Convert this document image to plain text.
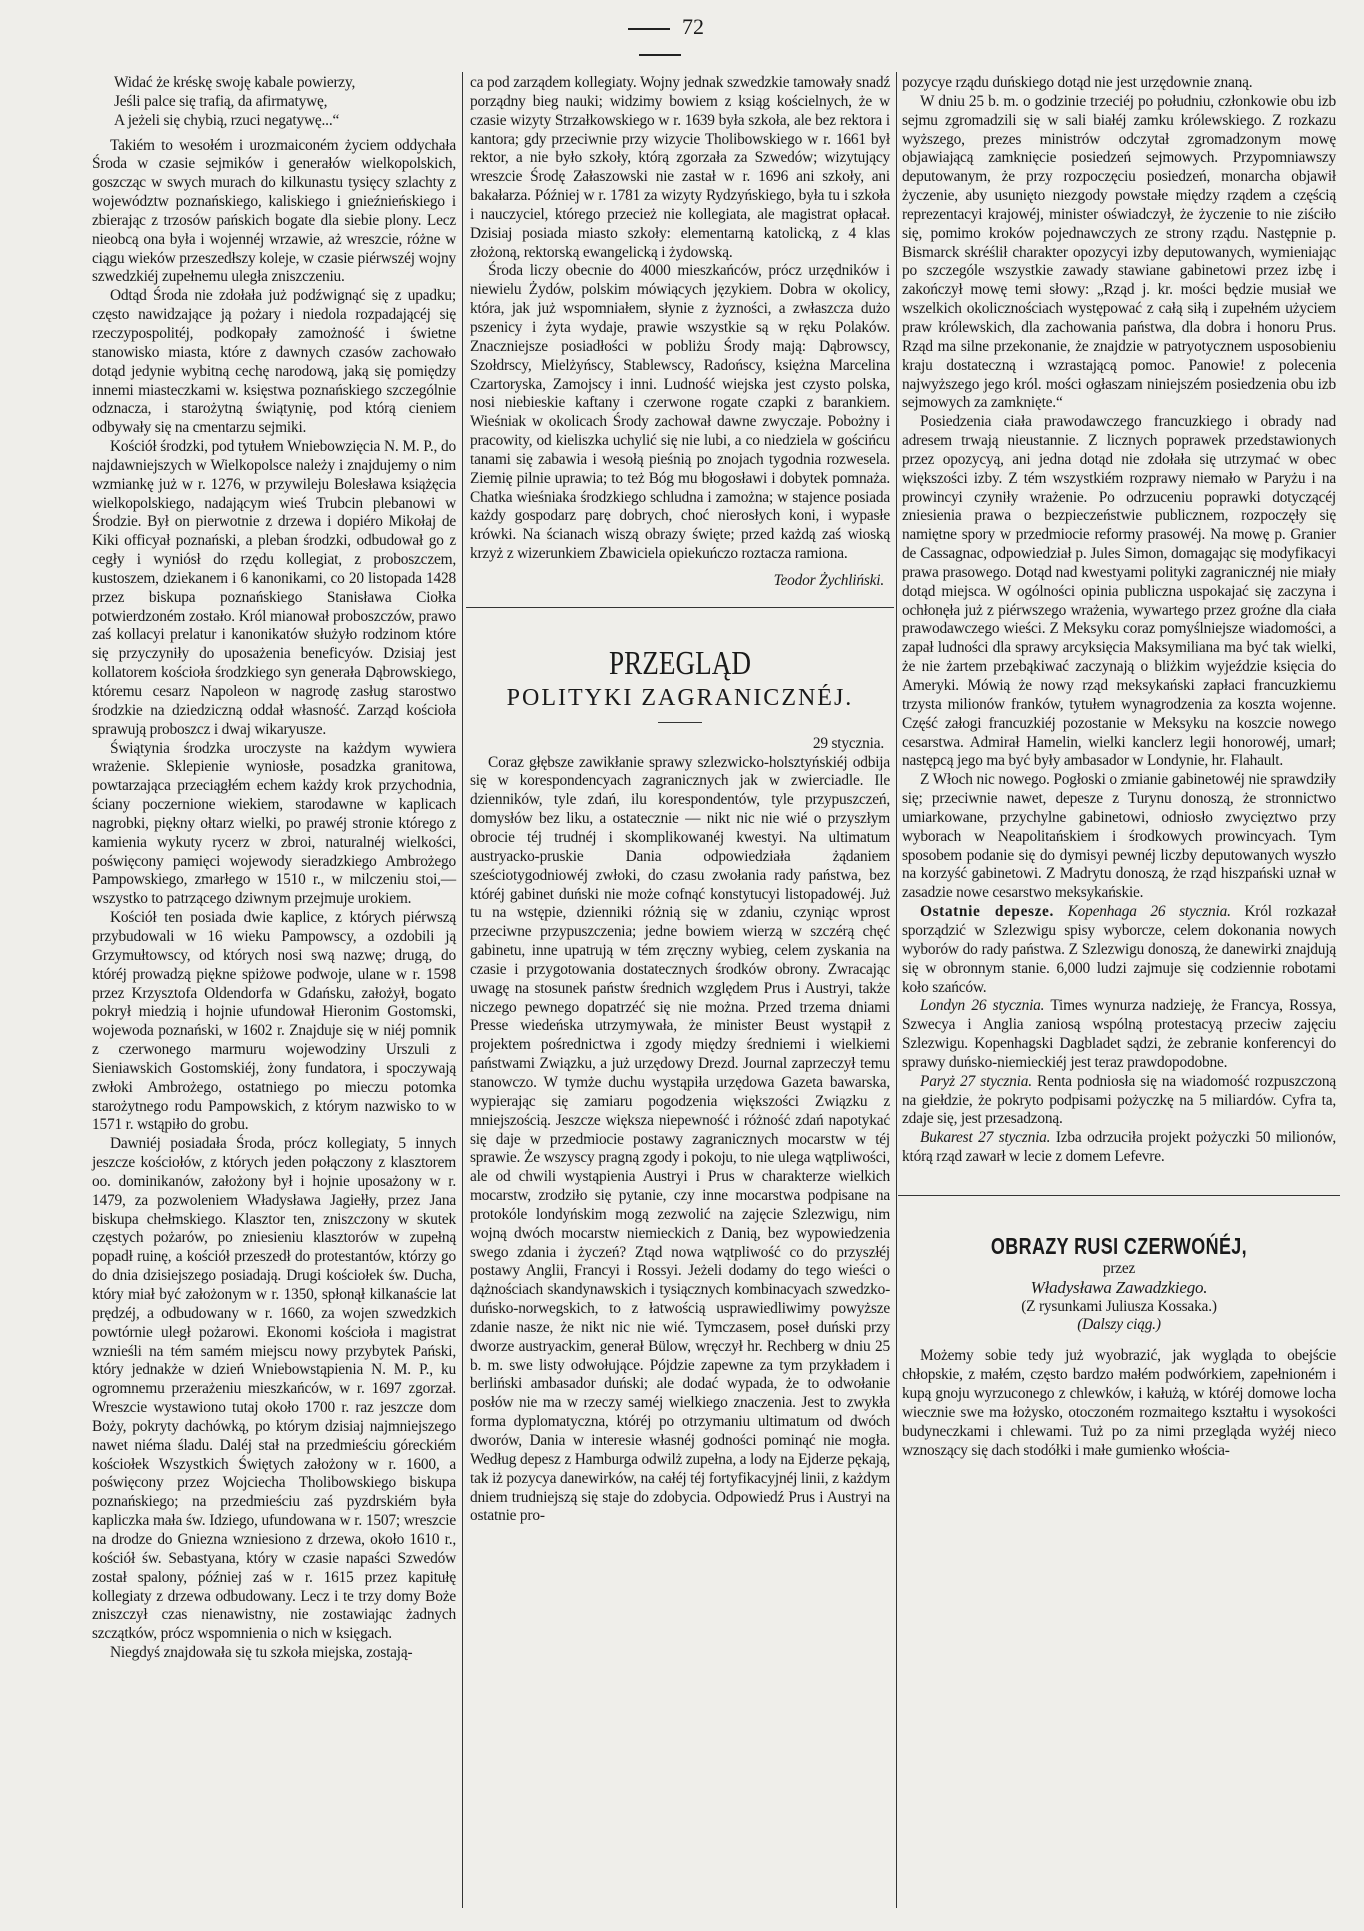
72
Widać że kréskę swoję kabale powierzy,
Jeśli palce się trafią, da afirmatywę,
A jeżeli się chybią, rzuci negatywę...“

Takiém to wesołém i urozmaiconém życiem oddychała Środa w czasie sejmików i generałów wielkopolskich, goszcząc w swych murach do kilkunastu tysięcy szlachty z województw poznańskiego, kaliskiego i gnieźnieńskiego i zbierając z trzosów pańskich bogate dla siebie plony. Lecz nieobcą ona była i wojennéj wrzawie, aż wreszcie, różne w ciągu wieków przeszedłszy koleje, w czasie piérwszéj wojny szwedzkiéj zupełnemu uległa zniszczeniu.

Odtąd Środa nie zdołała już podźwignąć się z upadku; często nawidzające ją pożary i niedola rozpadającéj się rzeczypospolitéj, podkopały zamożność i świetne stanowisko miasta, które z dawnych czasów zachowało dotąd jedynie wybitną cechę narodową, jaką się pomiędzy innemi miasteczkami w. księstwa poznańskiego szczególnie odznacza, i starożytną świątynię, pod którą cieniem odbywały się na cmentarzu sejmiki.

Kościół środzki, pod tytułem Wniebowzięcia N. M. P., do najdawniejszych w Wielkopolsce należy i znajdujemy o nim wzmiankę już w r. 1276, w przywileju Bolesława książęcia wielkopolskiego, nadającym wieś Trubcin plebanowi w Środzie. Był on pierwotnie z drzewa i dopiéro Mikołaj de Kiki officyał poznański, a pleban środzki, odbudował go z cegły i wyniósł do rzędu kollegiat, z proboszczem, kustoszem, dziekanem i 6 kanonikami, co 20 listopada 1428 przez biskupa poznańskiego Stanisława Ciołka potwierdzoném zostało. Król mianował proboszczów, prawo zaś kollacyi prelatur i kanonikatów służyło rodzinom które się przyczyniły do uposażenia beneficyów. Dzisiaj jest kollatorem kościoła środzkiego syn generała Dąbrowskiego, któremu cesarz Napoleon w nagrodę zasług starostwo środzkie na dziedziczną oddał własność. Zarząd kościoła sprawują proboszcz i dwaj wikaryusze.

Świątynia środzka uroczyste na każdym wywiera wrażenie. Sklepienie wyniosłe, posadzka granitowa, powtarzająca przeciągłém echem każdy krok przychodnia, ściany poczernione wiekiem, starodawne w kaplicach nagrobki, piękny ołtarz wielki, po prawéj stronie którego z kamienia wykuty rycerz w zbroi, naturalnéj wielkości, poświęcony pamięci wojewody sieradzkiego Ambrożego Pampowskiego, zmarłego w 1510 r., w milczeniu stoi,—wszystko to patrzącego dziwnym przejmuje urokiem.

Kościół ten posiada dwie kaplice, z których piérwszą przybudowali w 16 wieku Pampowscy, a ozdobili ją Grzymułtowscy, od których nosi swą nazwę; drugą, do któréj prowadzą piękne spiżowe podwoje, ulane w r. 1598 przez Krzysztofa Oldendorfa w Gdańsku, założył, bogato pokrył miedzią i hojnie ufundował Hieronim Gostomski, wojewoda poznański, w 1602 r. Znajduje się w niéj pomnik z czerwonego marmuru wojewodziny Urszuli z Sieniawskich Gostomskiéj, żony fundatora, i spoczywają zwłoki Ambrożego, ostatniego po mieczu potomka starożytnego rodu Pampowskich, z którym nazwisko to w 1571 r. wstąpiło do grobu.

Dawniéj posiadała Środa, prócz kollegiaty, 5 innych jeszcze kościołów, z których jeden połączony z klasztorem oo. dominikanów, założony był i hojnie uposażony w r. 1479, za pozwoleniem Władysława Jagiełły, przez Jana biskupa chełmskiego. Klasztor ten, zniszczony w skutek częstych pożarów, po zniesieniu klasztorów w zupełną popadł ruinę, a kościół przeszedł do protestantów, którzy go do dnia dzisiejszego posiadają. Drugi kościołek św. Ducha, który miał być założonym w r. 1350, spłonął kilkanaście lat prędzéj, a odbudowany w r. 1660, za wojen szwedzkich powtórnie uległ pożarowi. Ekonomi kościoła i magistrat wznieśli na tém samém miejscu nowy przybytek Pański, który jednakże w dzień Wniebowstąpienia N. M. P., ku ogromnemu przerażeniu mieszkańców, w r. 1697 zgorzał. Wreszcie wystawiono tutaj około 1700 r. raz jeszcze dom Boży, pokryty dachówką, po którym dzisiaj najmniejszego nawet niéma śladu. Daléj stał na przedmieściu góreckiém kościołek Wszystkich Świętych założony w r. 1600, a poświęcony przez Wojciecha Tholibowskiego biskupa poznańskiego; na przedmieściu zaś pyzdrskiém była kapliczka mała św. Idziego, ufundowana w r. 1507; wreszcie na drodze do Gniezna wzniesiono z drzewa, około 1610 r., kościół św. Sebastyana, który w czasie napaści Szwedów został spalony, później zaś w r. 1615 przez kapitułę kollegiaty z drzewa odbudowany. Lecz i te trzy domy Boże zniszczył czas nienawistny, nie zostawiając żadnych szczątków, prócz wspomnienia o nich w księgach.

Niegdyś znajdowała się tu szkoła miejska, zostają-

ca pod zarządem kollegiaty. Wojny jednak szwedzkie tamowały snadź porządny bieg nauki; widzimy bowiem z ksiąg kościelnych, że w czasie wizyty Strzałkowskiego w r. 1639 była szkoła, ale bez rektora i kantora; gdy przeciwnie przy wizycie Tholibowskiego w r. 1661 był rektor, a nie było szkoły, którą zgorzała za Szwedów; wizytujący wreszcie Środę Załaszowski nie zastał w r. 1696 ani szkoły, ani bakałarza. Później w r. 1781 za wizyty Rydzyńskiego, była tu i szkoła i nauczyciel, którego przecież nie kollegiata, ale magistrat opłacał. Dzisiaj posiada miasto szkoły: elementarną katolicką, z 4 klas złożoną, rektorską ewangelicką i żydowską.

Środa liczy obecnie do 4000 mieszkańców, prócz urzędników i niewielu Żydów, polskim mówiących językiem. Dobra w okolicy, która, jak już wspomniałem, słynie z żyzności, a zwłaszcza dużo pszenicy i żyta wydaje, prawie wszystkie są w ręku Polaków. Znaczniejsze posiadłości w pobliżu Środy mają: Dąbrowscy, Szołdrscy, Mielżyńscy, Stablewscy, Radońscy, księżna Marcelina Czartoryska, Zamojscy i inni. Ludność wiejska jest czysto polska, nosi niebieskie kaftany i czerwone rogate czapki z barankiem. Wieśniak w okolicach Środy zachował dawne zwyczaje. Pobożny i pracowity, od kieliszka uchylić się nie lubi, a co niedziela w gościńcu tanami się zabawia i wesołą pieśnią po znojach tygodnia rozwesela. Ziemię pilnie uprawia; to też Bóg mu błogosławi i dobytek pomnaża. Chatka wieśniaka środzkiego schludna i zamożna; w stajence posiada każdy gospodarz parę dobrych, choć nierosłych koni, i wypasłe krówki. Na ścianach wiszą obrazy święte; przed każdą zaś wioską krzyż z wizerunkiem Zbawiciela opiekuńczo roztacza ramiona.

Teodor Żychliński.

PRZEGLĄD
POLITYKI ZAGRANICZNÉJ.
29 stycznia.

Coraz głębsze zawikłanie sprawy szlezwicko-holsztyńskiéj odbija się w korespondencyach zagranicznych jak w zwierciadle. Ile dzienników, tyle zdań, ilu korespondentów, tyle przypuszczeń, domysłów bez liku, a ostatecznie — nikt nic nie wié o przyszłym obrocie téj trudnéj i skomplikowanéj kwestyi. Na ultimatum austryacko-pruskie Dania odpowiedziała żądaniem sześciotygodniowéj zwłoki, do czasu zwołania rady państwa, bez któréj gabinet duński nie może cofnąć konstytucyi listopadowéj. Już tu na wstępie, dzienniki różnią się w zdaniu, czyniąc wprost przeciwne przypuszczenia; jedne bowiem wierzą w szczérą chęć gabinetu, inne upatrują w tém zręczny wybieg, celem zyskania na czasie i przygotowania dostatecznych środków obrony. Zwracając uwagę na stosunek państw średnich względem Prus i Austryi, także niczego pewnego dopatrzéć się nie można. Przed trzema dniami Presse wiedeńska utrzymywała, że minister Beust wystąpił z projektem pośrednictwa i zgody między średniemi i wielkiemi państwami Związku, a już urzędowy Drezd. Journal zaprzeczył temu stanowczo. W tymże duchu wystąpiła urzędowa Gazeta bawarska, wypierając się zamiaru pogodzenia większości Związku z mniejszością. Jeszcze większa niepewność i różność zdań napotykać się daje w przedmiocie postawy zagranicznych mocarstw w téj sprawie. Że wszyscy pragną zgody i pokoju, to nie ulega wątpliwości, ale od chwili wystąpienia Austryi i Prus w charakterze wielkich mocarstw, zrodziło się pytanie, czy inne mocarstwa podpisane na protokóle londyńskim mogą zezwolić na zajęcie Szlezwigu, nim wojną dwóch mocarstw niemieckich z Danią, bez wypowiedzenia swego zdania i życzeń? Ztąd nowa wątpliwość co do przyszłéj postawy Anglii, Francyi i Rossyi. Jeżeli dodamy do tego wieści o dążnościach skandynawskich i tysiącznych kombinacyach szwedzko-duńsko-norwegskich, to z łatwością usprawiedliwimy powyższe zdanie nasze, że nikt nic nie wié. Tymczasem, poseł duński przy dworze austryackim, generał Bülow, wręczył hr. Rechberg w dniu 25 b. m. swe listy odwołujące. Pójdzie zapewne za tym przykładem i berliński ambasador duński; ale dodać wypada, że to odwołanie posłów nie ma w rzeczy saméj wielkiego znaczenia. Jest to zwykła forma dyplomatyczna, któréj po otrzymaniu ultimatum od dwóch dworów, Dania w interesie własnéj godności pominąć nie mogła. Według depesz z Hamburga odwilż zupełna, a lody na Ejderze pękają, tak iż pozycya danewirków, na całéj téj fortyfikacyjnéj linii, z każdym dniem trudniejszą się staje do zdobycia. Odpowiedź Prus i Austryi na ostatnie pro-

pozycye rządu duńskiego dotąd nie jest urzędownie znaną.

W dniu 25 b. m. o godzinie trzeciéj po południu, członkowie obu izb sejmu zgromadzili się w sali białéj zamku królewskiego. Z rozkazu wyższego, prezes ministrów odczytał zgromadzonym mowę objawiającą zamknięcie posiedzeń sejmowych. Przypomniawszy deputowanym, że przy rozpoczęciu posiedzeń, monarcha objawił życzenie, aby usunięto niezgody powstałe między rządem a częścią reprezentacyi krajowéj, minister oświadczył, że życzenie to nie ziściło się, pomimo kroków pojednawczych ze strony rządu. Następnie p. Bismarck skréślił charakter opozycyi izby deputowanych, wymieniając po szczególe wszystkie zawady stawiane gabinetowi przez izbę i zakończył mowę temi słowy: „Rząd j. kr. mości będzie musiał we wszelkich okolicznościach występować z całą siłą i zupełném użyciem praw królewskich, dla zachowania państwa, dla dobra i honoru Prus. Rząd ma silne przekonanie, że znajdzie w patryotycznem usposobieniu kraju dostateczną i wzrastającą pomoc. Panowie! z polecenia najwyższego jego król. mości ogłaszam niniejszém posiedzenia obu izb sejmowych za zamknięte.“

Posiedzenia ciała prawodawczego francuzkiego i obrady nad adresem trwają nieustannie. Z licznych poprawek przedstawionych przez opozycyą, ani jedna dotąd nie zdołała się utrzymać w obec większości izby. Z tém wszystkiém rozprawy niemało w Paryżu i na prowincyi czyniły wrażenie. Po odrzuceniu poprawki dotyczącéj zniesienia prawa o bezpieczeństwie publicznem, rozpoczęły się namiętne spory w przedmiocie reformy prasowéj. Na mowę p. Granier de Cassagnac, odpowiedział p. Jules Simon, domagając się modyfikacyi prawa prasowego. Dotąd nad kwestyami polityki zagranicznéj nie miały dotąd miejsca. W ogólności opinia publiczna uspokajać się zaczyna i ochłonęła już z piérwszego wrażenia, wywartego przez groźne dla ciała prawodawczego wieści. Z Meksyku coraz pomyślniejsze wiadomości, a zapał ludności dla sprawy arcyksięcia Maksymiliana ma być tak wielki, że nie żartem przebąkiwać zaczynają o bliżkim wyjeździe księcia do Ameryki. Mówią że nowy rząd meksykański zapłaci francuzkiemu trzysta milionów franków, tytułem wynagrodzenia za koszta wojenne. Część załogi francuzkiéj pozostanie w Meksyku na koszcie nowego cesarstwa. Admirał Hamelin, wielki kanclerz legii honorowéj, umarł; następcą jego ma być były ambasador w Londynie, hr. Flahault.

Z Włoch nic nowego. Pogłoski o zmianie gabinetowéj nie sprawdziły się; przeciwnie nawet, depesze z Turynu donoszą, że stronnictwo umiarkowane, przychylne gabinetowi, odniosło zwycięztwo przy wyborach w Neapolitańskiem i środkowych prowincyach. Tym sposobem podanie się do dymisyi pewnéj liczby deputowanych wyszło na korzyść gabinetowi. Z Madrytu donoszą, że rząd hiszpański uznał w zasadzie nowe cesarstwo meksykańskie.

Ostatnie depesze. Kopenhaga 26 stycznia. Król rozkazał sporządzić w Szlezwigu spisy wyborcze, celem dokonania nowych wyborów do rady państwa. Z Szlezwigu donoszą, że danewirki znajdują się w obronnym stanie. 6,000 ludzi zajmuje się codziennie robotami koło szańców.

Londyn 26 stycznia. Times wynurza nadzieję, że Francya, Rossya, Szwecya i Anglia zaniosą wspólną protestacyą przeciw zajęciu Szlezwigu. Kopenhagski Dagbladet sądzi, że zebranie konferencyi do sprawy duńsko-niemieckiéj jest teraz prawdopodobne.

Paryż 27 stycznia. Renta podniosła się na wiadomość rozpuszczoną na giełdzie, że pokryto podpisami pożyczkę na 5 miliardów. Cyfra ta, zdaje się, jest przesadzoną.

Bukarest 27 stycznia. Izba odrzuciła projekt pożyczki 50 milionów, którą rząd zawarł w lecie z domem Lefevre.

OBRAZY RUSI CZERWOŃÉJ,

przez

Władysława Zawadzkiego.

(Z rysunkami Juliusza Kossaka.)

(Dalszy ciąg.)

Możemy sobie tedy już wyobrazić, jak wygląda to obejście chłopskie, z małém, często bardzo małém podwórkiem, zapełnioném i kupą gnoju wyrzuconego z chlewków, i kałużą, w któréj domowe locha wiecznie swe ma łożysko, otoczoném rozmaitego kształtu i wysokości budyneczkami i chlewami. Tuż po za nimi przegląda wyżéj nieco wznoszący się dach stodółki i małe gumienko włościa-
